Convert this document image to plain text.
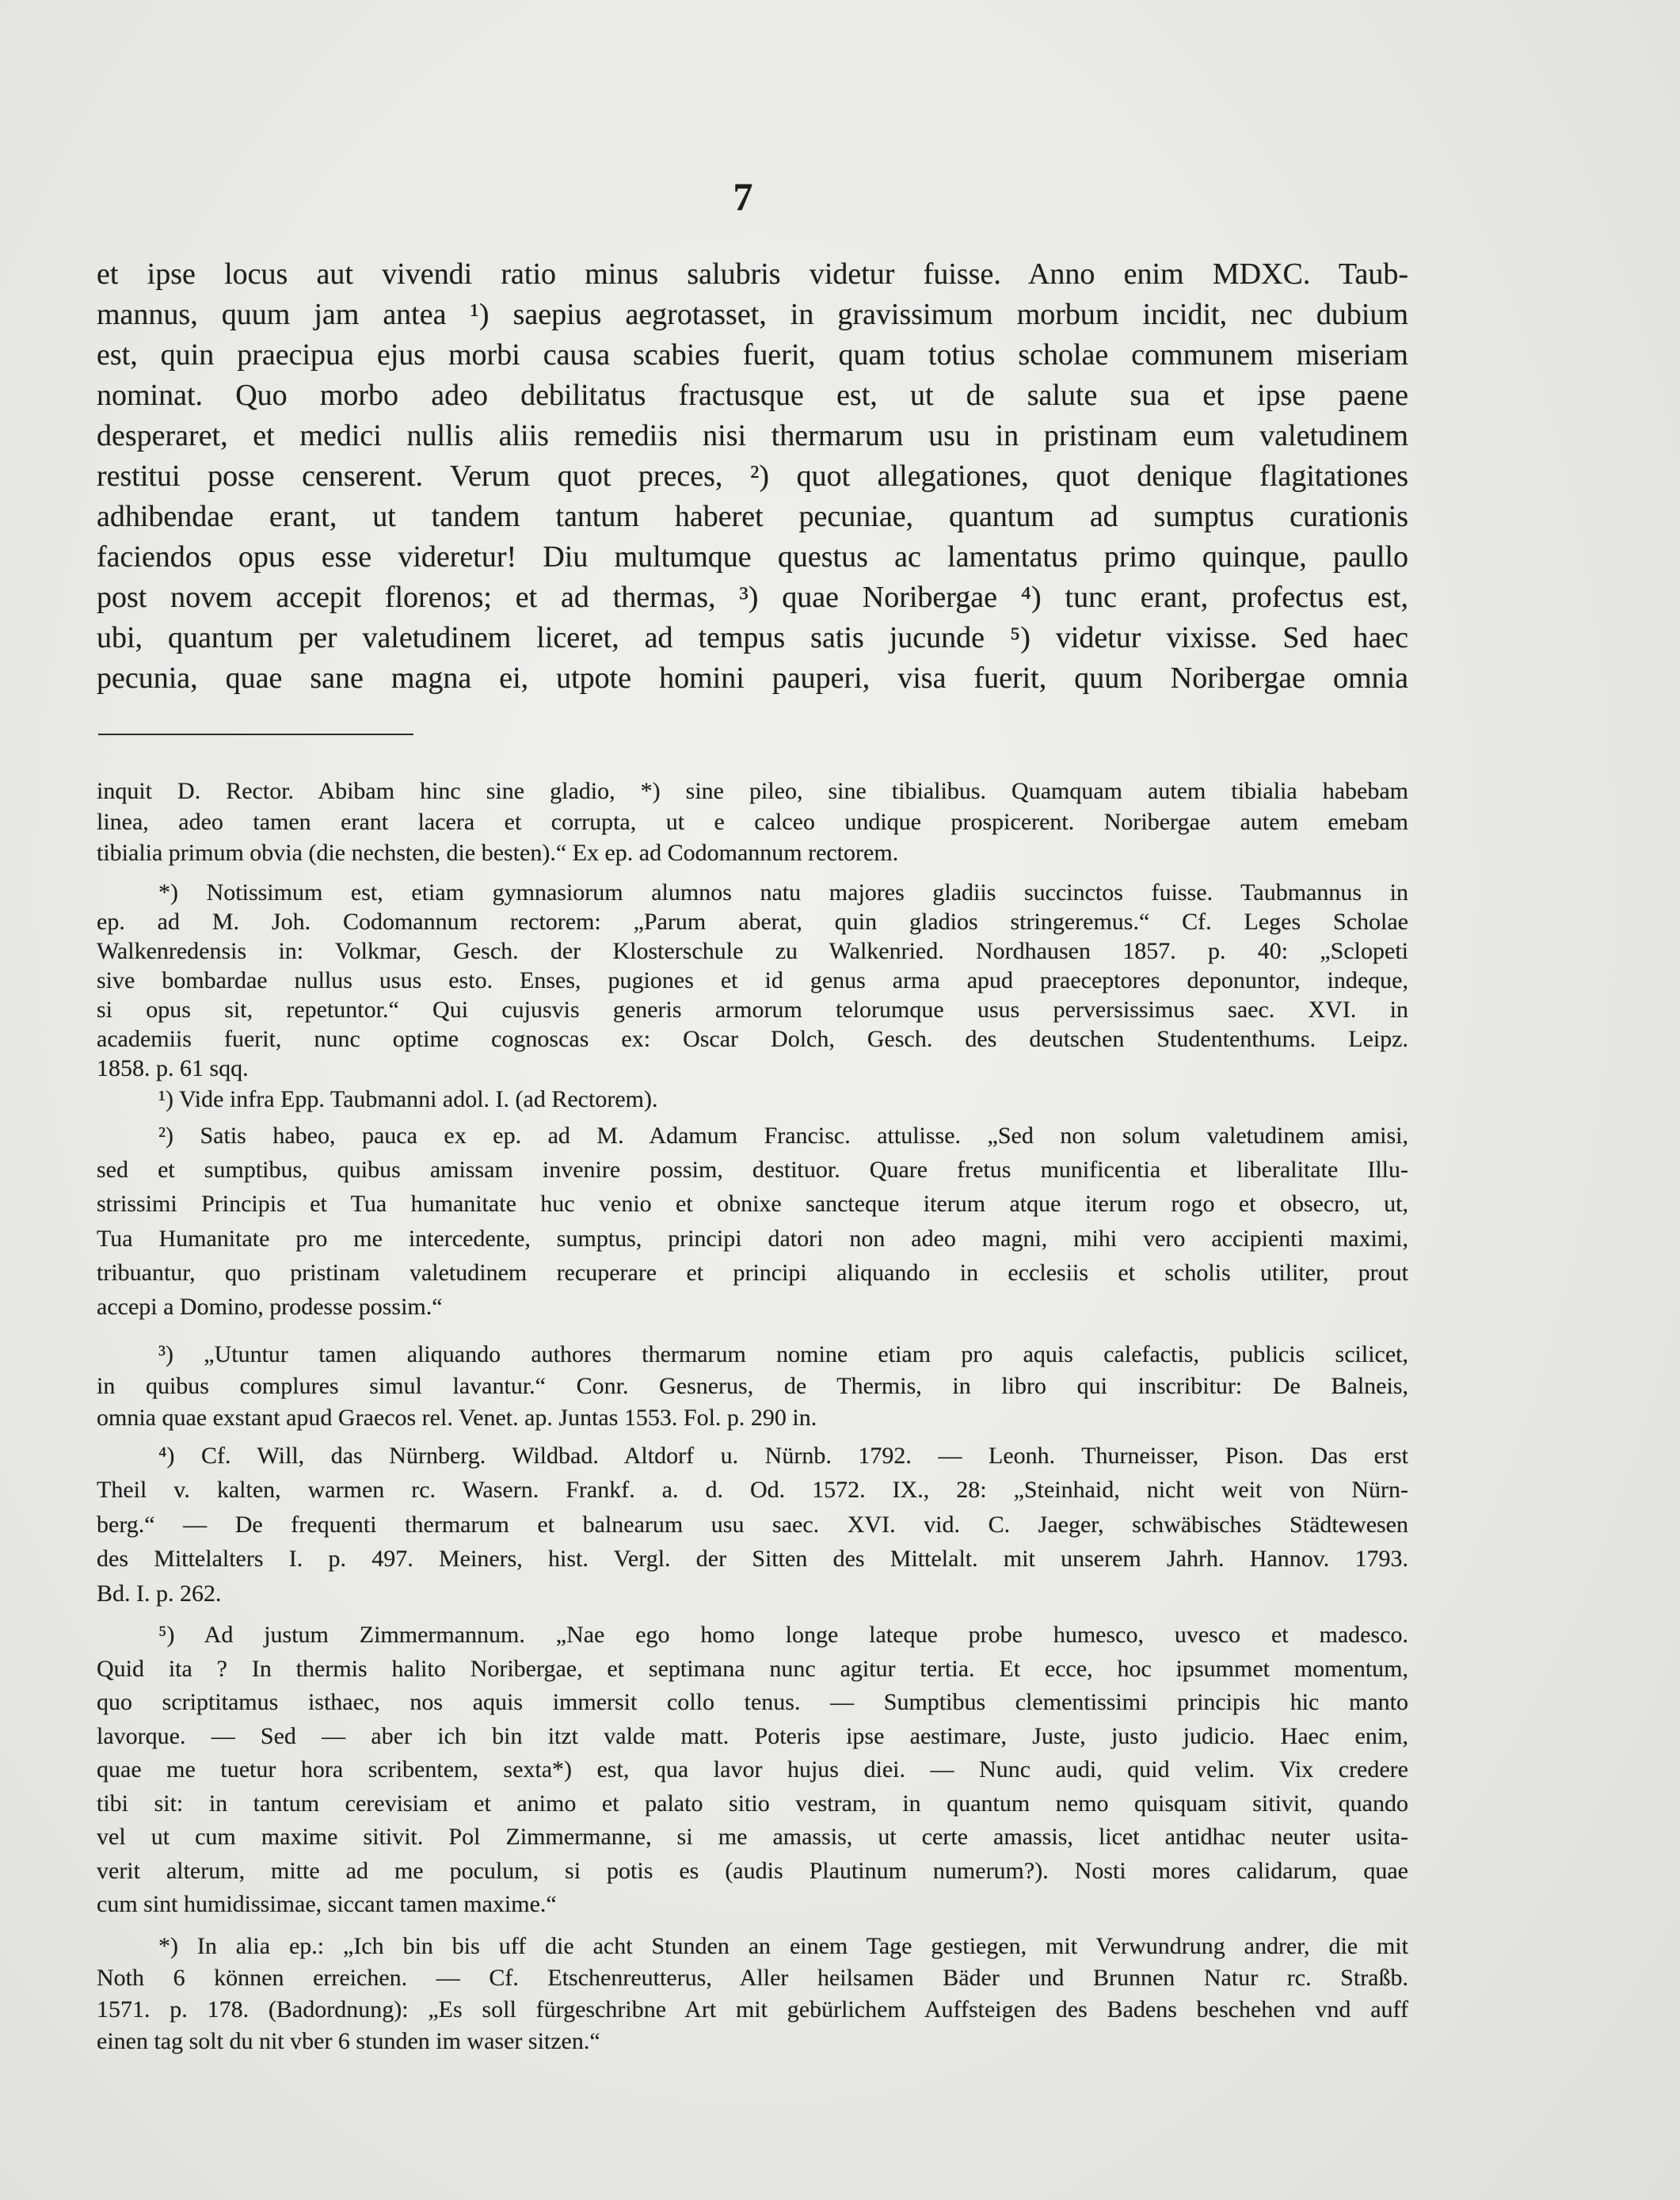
7
et ipse locus aut vivendi ratio minus salubris videtur fuisse. Anno enim MDXC. Taub-
mannus, quum jam antea ¹) saepius aegrotasset, in gravissimum morbum incidit, nec dubium
est, quin praecipua ejus morbi causa scabies fuerit, quam totius scholae communem miseriam
nominat. Quo morbo adeo debilitatus fractusque est, ut de salute sua et ipse paene
desperaret, et medici nullis aliis remediis nisi thermarum usu in pristinam eum valetudinem
restitui posse censerent. Verum quot preces, ²) quot allegationes, quot denique flagitationes
adhibendae erant, ut tandem tantum haberet pecuniae, quantum ad sumptus curationis
faciendos opus esse videretur! Diu multumque questus ac lamentatus primo quinque, paullo
post novem accepit florenos; et ad thermas, ³) quae Noribergae ⁴) tunc erant, profectus est,
ubi, quantum per valetudinem liceret, ad tempus satis jucunde ⁵) videtur vixisse. Sed haec
pecunia, quae sane magna ei, utpote homini pauperi, visa fuerit, quum Noribergae omnia
inquit D. Rector. Abibam hinc sine gladio, *) sine pileo, sine tibialibus. Quamquam autem tibialia habebam
linea, adeo tamen erant lacera et corrupta, ut e calceo undique prospicerent. Noribergae autem emebam
tibialia primum obvia (die nechsten, die besten).“ Ex ep. ad Codomannum rectorem.
*) Notissimum est, etiam gymnasiorum alumnos natu majores gladiis succinctos fuisse. Taubmannus in
ep. ad M. Joh. Codomannum rectorem: „Parum aberat, quin gladios stringeremus.“ Cf. Leges Scholae
Walkenredensis in: Volkmar, Gesch. der Klosterschule zu Walkenried. Nordhausen 1857. p. 40: „Sclopeti
sive bombardae nullus usus esto. Enses, pugiones et id genus arma apud praeceptores deponuntor, indeque,
si opus sit, repetuntor.“ Qui cujusvis generis armorum telorumque usus perversissimus saec. XVI. in
academiis fuerit, nunc optime cognoscas ex: Oscar Dolch, Gesch. des deutschen Studententhums. Leipz.
1858. p. 61 sqq.
¹) Vide infra Epp. Taubmanni adol. I. (ad Rectorem).
²) Satis habeo, pauca ex ep. ad M. Adamum Francisc. attulisse. „Sed non solum valetudinem amisi,
sed et sumptibus, quibus amissam invenire possim, destituor. Quare fretus munificentia et liberalitate Illu-
strissimi Principis et Tua humanitate huc venio et obnixe sancteque iterum atque iterum rogo et obsecro, ut,
Tua Humanitate pro me intercedente, sumptus, principi datori non adeo magni, mihi vero accipienti maximi,
tribuantur, quo pristinam valetudinem recuperare et principi aliquando in ecclesiis et scholis utiliter, prout
accepi a Domino, prodesse possim.“
³) „Utuntur tamen aliquando authores thermarum nomine etiam pro aquis calefactis, publicis scilicet,
in quibus complures simul lavantur.“ Conr. Gesnerus, de Thermis, in libro qui inscribitur: De Balneis,
omnia quae exstant apud Graecos rel. Venet. ap. Juntas 1553. Fol. p. 290 in.
⁴) Cf. Will, das Nürnberg. Wildbad. Altdorf u. Nürnb. 1792. — Leonh. Thurneisser, Pison. Das erst
Theil v. kalten, warmen rc. Wasern. Frankf. a. d. Od. 1572. IX., 28: „Steinhaid, nicht weit von Nürn-
berg.“ — De frequenti thermarum et balnearum usu saec. XVI. vid. C. Jaeger, schwäbisches Städtewesen
des Mittelalters I. p. 497. Meiners, hist. Vergl. der Sitten des Mittelalt. mit unserem Jahrh. Hannov. 1793.
Bd. I. p. 262.
⁵) Ad justum Zimmermannum. „Nae ego homo longe lateque probe humesco, uvesco et madesco.
Quid ita ? In thermis halito Noribergae, et septimana nunc agitur tertia. Et ecce, hoc ipsummet momentum,
quo scriptitamus isthaec, nos aquis immersit collo tenus. — Sumptibus clementissimi principis hic manto
lavorque. — Sed — aber ich bin itzt valde matt. Poteris ipse aestimare, Juste, justo judicio. Haec enim,
quae me tuetur hora scribentem, sexta*) est, qua lavor hujus diei. — Nunc audi, quid velim. Vix credere
tibi sit: in tantum cerevisiam et animo et palato sitio vestram, in quantum nemo quisquam sitivit, quando
vel ut cum maxime sitivit. Pol Zimmermanne, si me amassis, ut certe amassis, licet antidhac neuter usita-
verit alterum, mitte ad me poculum, si potis es (audis Plautinum numerum?). Nosti mores calidarum, quae
cum sint humidissimae, siccant tamen maxime.“
*) In alia ep.: „Ich bin bis uff die acht Stunden an einem Tage gestiegen, mit Verwundrung andrer, die mit
Noth 6 können erreichen. — Cf. Etschenreutterus, Aller heilsamen Bäder und Brunnen Natur rc. Straßb.
1571. p. 178. (Badordnung): „Es soll fürgeschribne Art mit gebürlichem Auffsteigen des Badens beschehen vnd auff
einen tag solt du nit vber 6 stunden im waser sitzen.“
